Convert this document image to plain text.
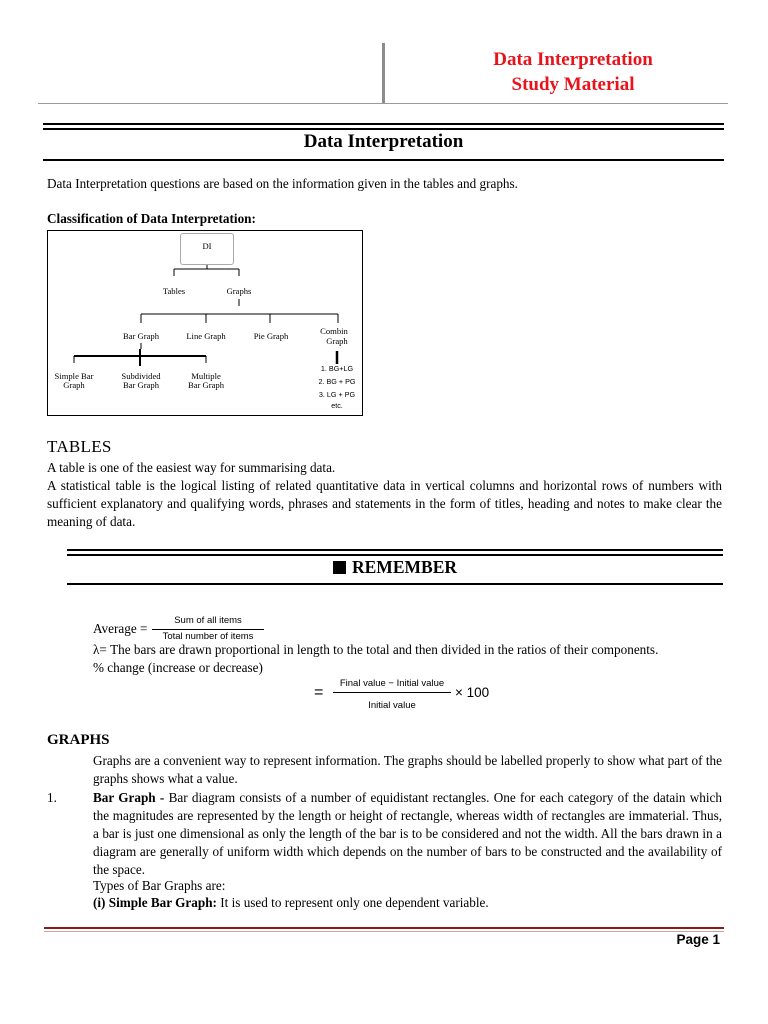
Data Interpretation
Study Material
Data Interpretation
Data Interpretation questions are based on the information given in the tables and graphs.
Classification of Data Interpretation:
DI
Tables	Graphs
Bar Graph	Line Graph	Pie Graph	Combin
Graph
Simple Bar
Graph
Subdivided
Bar Graph
Multiple
Bar Graph
1. BG+LG
2. BG + PG
3. LG + PG
etc.
TABLES
A table is one of the easiest way for summarising data.
A statistical table is the logical listing of related quantitative data in vertical columns and horizontal rows of numbers with sufficient explanatory and qualifying words, phrases and statements in the form of titles, heading and notes to make clear the meaning of data.
REMEMBER
Average =
Sum of all items
Total number of items
λ= The bars are drawn proportional in length to the total and then divided in the ratios of their components.
% change (increase or decrease)
=
Final value − Initial value
Initial value
× 100
GRAPHS
Graphs are a convenient way to represent information. The graphs should be labelled properly to show what part of the graphs shows what a value.
1.	Bar Graph - Bar diagram consists of a number of equidistant rectangles. One for each category of the datain which the magnitudes are represented by the length or height of rectangle, whereas width of rectangles are immaterial. Thus, a bar is just one dimensional as only the length of the bar is to be considered and not the width. All the bars drawn in a diagram are generally of uniform width which depends on the number of bars to be constructed and the availability of the space.
Types of Bar Graphs are:
(i) Simple Bar Graph: It is used to represent only one dependent variable.
Page 1
